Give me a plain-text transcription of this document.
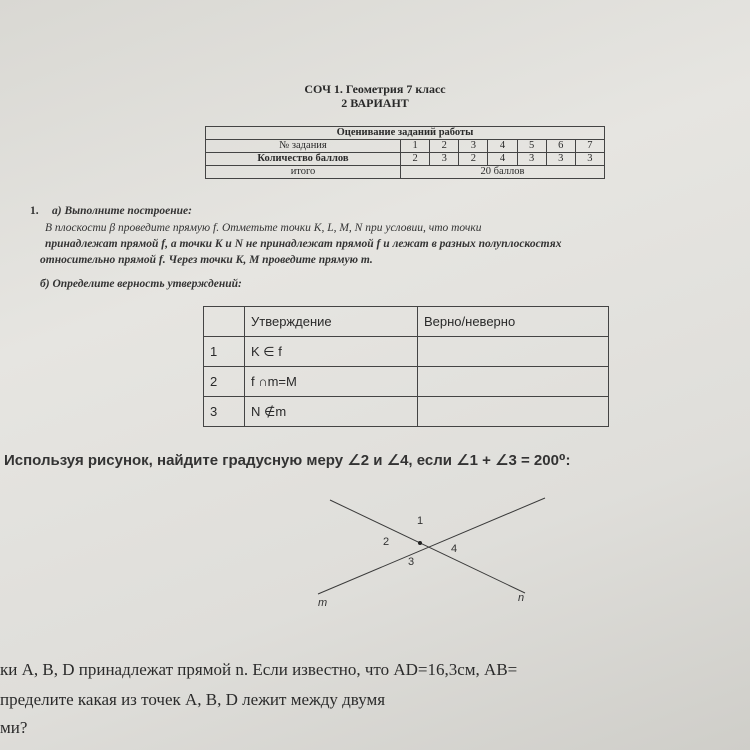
СОЧ 1. Геометрия 7 класс
2 ВАРИАНТ
Оценивание заданий работы							
№ задания	1	2	3	4	5	6	7
Количество баллов	2	3	2	4	3	3	3
итого	20 баллов						
1. а) Выполните построение:
В плоскости β проведите прямую f. Отметьте точки K, L, M, N при условии, что точки
принадлежат прямой f, а точки K и N не принадлежат прямой f и лежат в разных полуплоскостях
относительно прямой f. Через точки K, M проведите прямую m.
б) Определите верность утверждений:
	Утверждение	Верно/неверно
1	K ∈ f	
2	f ∩m=M	
3	N ∉m	
Используя рисунок, найдите градусную меру ∠2 и ∠4, если ∠1 + ∠3 = 200⁰:
1
2
3
4
m	n
ки A, B, D принадлежат прямой n. Если известно, что AD=16,3см, AB=
пределите какая из точек A, B, D лежит между двумя
ми?
